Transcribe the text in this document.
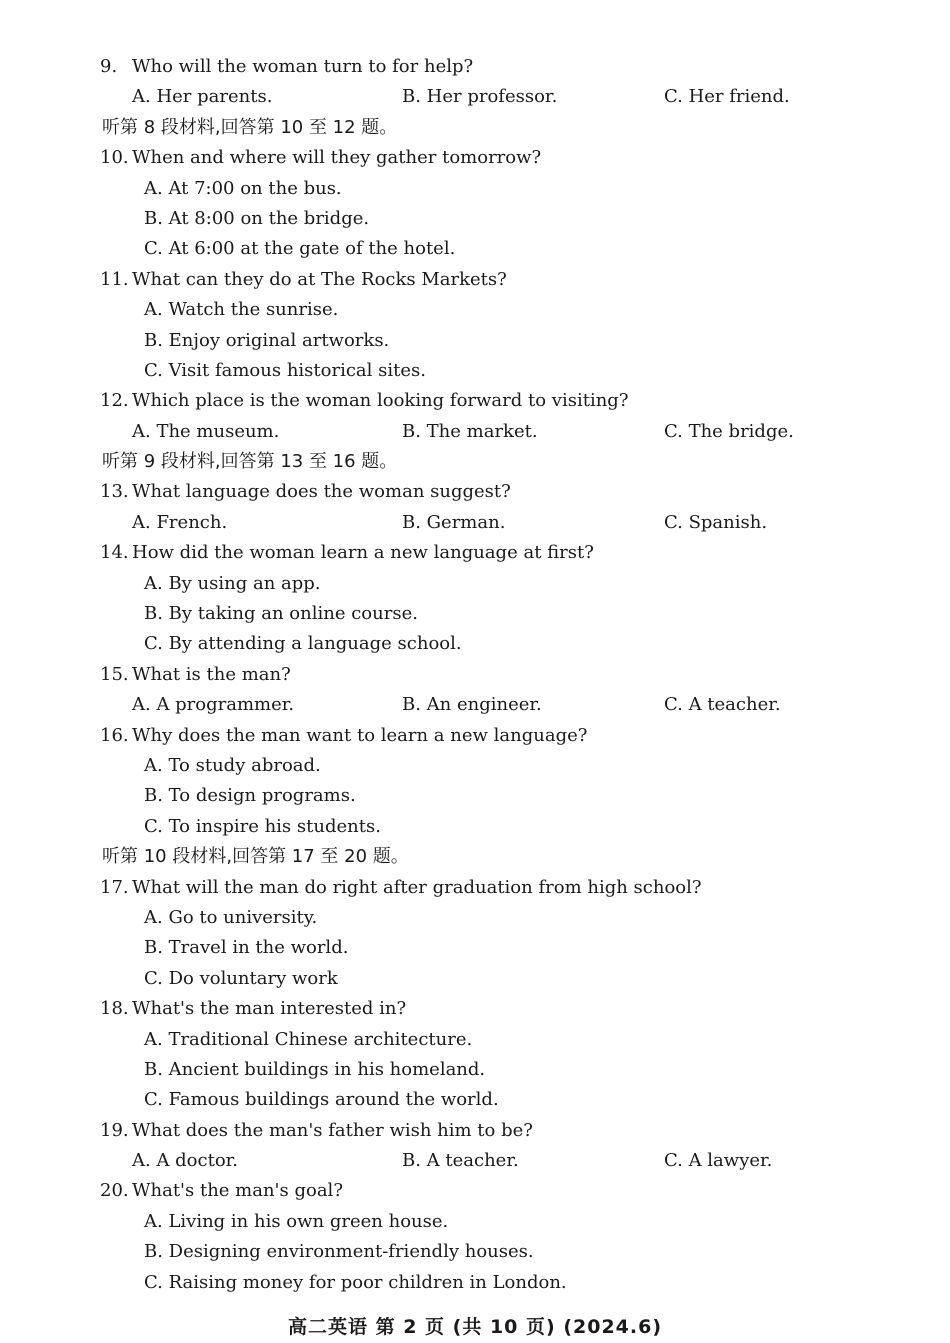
9. Who will the woman turn to for help?
A. Her parents.	B. Her professor.	C. Her friend.
听第 8 段材料,回答第 10 至 12 题。
10. When and where will they gather tomorrow?
A. At 7:00 on the bus.
B. At 8:00 on the bridge.
C. At 6:00 at the gate of the hotel.
11. What can they do at The Rocks Markets?
A. Watch the sunrise.
B. Enjoy original artworks.
C. Visit famous historical sites.
12. Which place is the woman looking forward to visiting?
A. The museum.	B. The market.	C. The bridge.
听第 9 段材料,回答第 13 至 16 题。
13. What language does the woman suggest?
A. French.	B. German.	C. Spanish.
14. How did the woman learn a new language at first?
A. By using an app.
B. By taking an online course.
C. By attending a language school.
15. What is the man?
A. A programmer.	B. An engineer.	C. A teacher.
16. Why does the man want to learn a new language?
A. To study abroad.
B. To design programs.
C. To inspire his students.
听第 10 段材料,回答第 17 至 20 题。
17. What will the man do right after graduation from high school?
A. Go to university.
B. Travel in the world.
C. Do voluntary work
18. What's the man interested in?
A. Traditional Chinese architecture.
B. Ancient buildings in his homeland.
C. Famous buildings around the world.
19. What does the man's father wish him to be?
A. A doctor.	B. A teacher.	C. A lawyer.
20. What's the man's goal?
A. Living in his own green house.
B. Designing environment-friendly houses.
C. Raising money for poor children in London.
高二英语 第 2 页 (共 10 页) (2024.6)
